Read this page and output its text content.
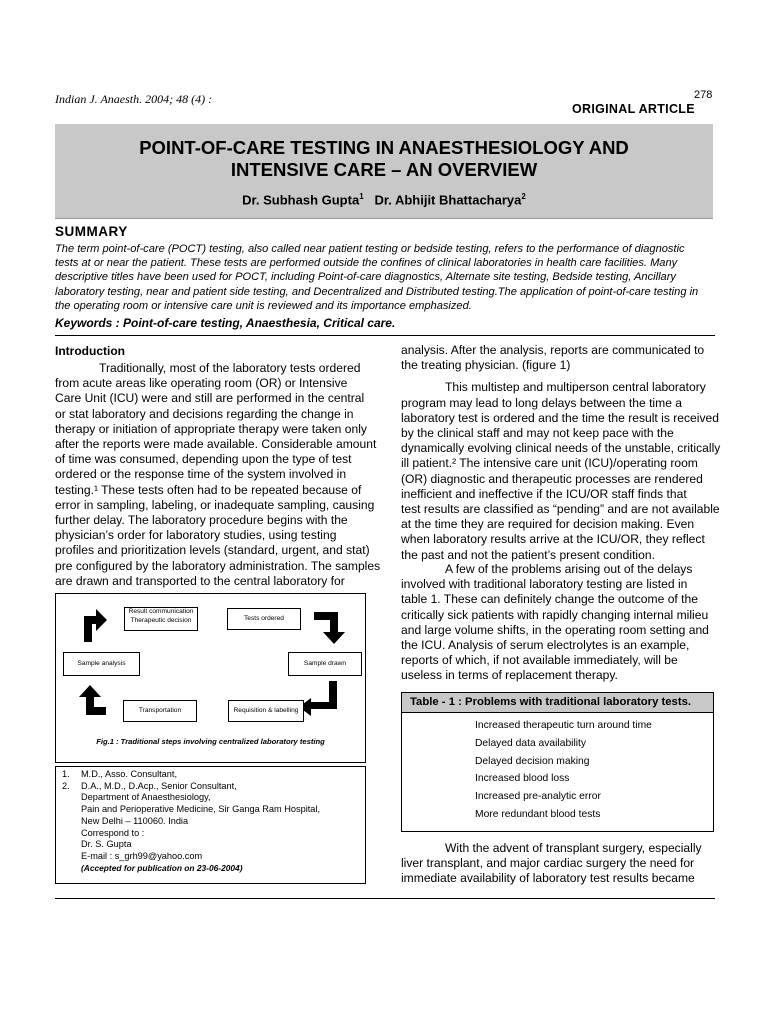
Indian J. Anaesth. 2004; 48 (4) :	278
ORIGINAL ARTICLE
POINT-OF-CARE TESTING IN ANAESTHESIOLOGY AND
INTENSIVE CARE – AN OVERVIEW
Dr. Subhash Gupta$^1$ Dr. Abhijit Bhattacharya$^2$
SUMMARY

The term point-of-care (POCT) testing, also called near patient testing or bedside testing, refers to the performance of diagnostic

tests at or near the patient. These tests are performed outside the confines of clinical laboratories in health care facilities. Many

descriptive titles have been used for POCT, including Point-of-care diagnostics, Alternate site testing, Bedside testing, Ancillary

laboratory testing, near and patient side testing, and Decentralized and Distributed testing.The application of point-of-care testing in

the operating room or intensive care unit is reviewed and its importance emphasized.

Keywords : Point-of-care testing, Anaesthesia, Critical care.
Introduction

Traditionally, most of the laboratory tests ordered

from acute areas like operating room (OR) or Intensive

Care Unit (ICU) were and still are performed in the central

or stat laboratory and decisions regarding the change in

therapy or initiation of appropriate therapy were taken only

after the reports were made available. Considerable amount

of time was consumed, depending upon the type of test

ordered or the response time of the system involved in

testing.¹ These tests often had to be repeated because of

error in sampling, labeling, or inadequate sampling, causing

further delay. The laboratory procedure begins with the

physician’s order for laboratory studies, using testing

profiles and prioritization levels (standard, urgent, and stat)

pre configured by the laboratory administration. The samples

are drawn and transported to the central laboratory for

Result communication
Therapeutic decision	Tests ordered
Sample analysis	Sample drawn
Transportation	Requisition & labelling
Fig.1 : Traditional steps involving centralized laboratory testing

1. M.D., Asso. Consultant,

2. D.A., M.D., D.Acp., Senior Consultant,

Department of Anaesthesiology,

Pain and Perioperative Medicine, Sir Ganga Ram Hospital,

New Delhi – 110060. India

Correspond to :

Dr. S. Gupta

E-mail : s_grh99@yahoo.com

(Accepted for publication on 23-06-2004)

analysis. After the analysis, reports are communicated to

the treating physician. (figure 1)

This multistep and multiperson central laboratory

program may lead to long delays between the time a

laboratory test is ordered and the time the result is received

by the clinical staff and may not keep pace with the

dynamically evolving clinical needs of the unstable, critically

ill patient.² The intensive care unit (ICU)/operating room

(OR) diagnostic and therapeutic processes are rendered

inefficient and ineffective if the ICU/OR staff finds that

test results are classified as “pending” and are not available

at the time they are required for decision making. Even

when laboratory results arrive at the ICU/OR, they reflect

the past and not the patient’s present condition.

A few of the problems arising out of the delays

involved with traditional laboratory testing are listed in

table 1. These can definitely change the outcome of the

critically sick patients with rapidly changing internal milieu

and large volume shifts, in the operating room setting and

the ICU. Analysis of serum electrolytes is an example,

reports of which, if not available immediately, will be

useless in terms of replacement therapy.

Table - 1 : Problems with traditional laboratory tests.
Increased therapeutic turn around time
Delayed data availability
Delayed decision making
Increased blood loss
Increased pre-analytic error
More redundant blood tests

With the advent of transplant surgery, especially

liver transplant, and major cardiac surgery the need for

immediate availability of laboratory test results became
